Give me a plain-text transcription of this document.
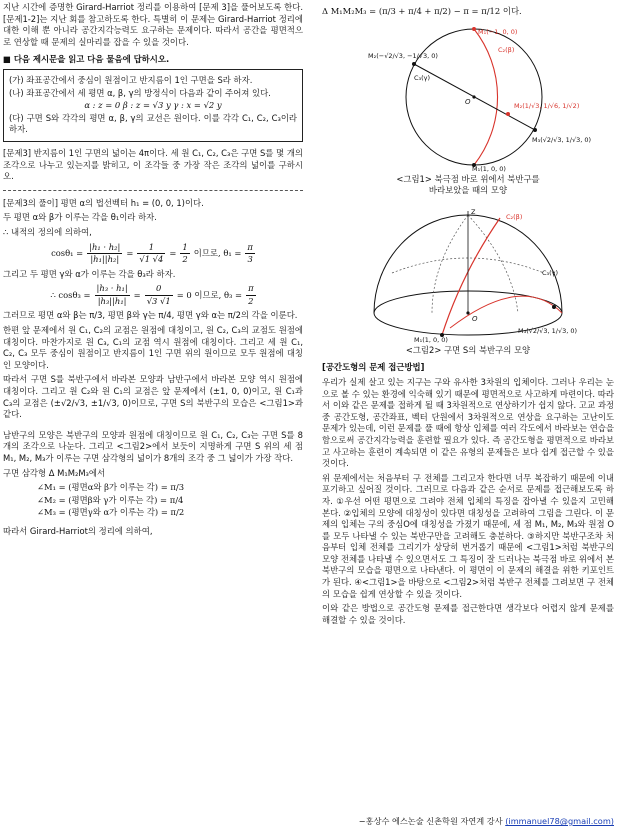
지난 시간에 증명한 Girard-Harriot 정리를 이용하여 [문제 3]을 풀어보도록 한다. [문제1-2]는 지난 회를 참고하도록 한다. 특별히 이 문제는 Girard-Harriot 정리에 대한 이해 뿐 아니라 공간지각능력도 요구하는 문제이다. 따라서 공간을 평면적으로 연상할 때 문제의 실마리를 잡을 수 있을 것이다.

■ 다음 제시문을 읽고 다음 물음에 답하시오.

(가) 좌표공간에서 중심이 원점이고 반지름이 1인 구면을 S라 하자.

(나) 좌표공간에서 세 평면 α, β, γ의 방정식이 다음과 같이 주어져 있다.

α : z = 0 β : z = √3 y γ : x = √2 y

(다) 구면 S와 각각의 평면 α, β, γ의 교선은 원이다. 이를 각각 C₁, C₂, C₃이라 하자.

[문제3] 반지름이 1인 구면의 넓이는 4π이다. 세 원 C₁, C₂, C₃은 구면 S를 몇 개의 조각으로 나누고 있는지를 밝히고, 이 조각들 중 가장 작은 조각의 넓이를 구하시오.

[문제3의 풀이] 평면 α의 법선벡터 h₁ = (0, 0, 1)이다.

두 평면 α와 β가 이루는 각을 θ₁이라 하자.

∴ 내적의 정의에 의하여,

$\cos\theta_1 = \frac{\text{|h₁ · h₂|}}{\text{|h₁||h₂|}} = \frac{1}{√1 √4} = \frac{1}{2}$ 이므로, $\theta_1 = \frac{\pi}{3}$

그리고 두 평면 γ와 α가 이루는 각을 θ₃라 하자.

∴ $\cos\theta_3 = \frac{\text{|h₃ · h₁|}}{\text{|h₃||h₁|}} = \frac{0}{√3 √1} = 0$ 이므로, $\theta_3 = \frac{\pi}{2}$

그러므로 평면 α와 β는 π/3, 평면 β와 γ는 π/4, 평면 γ와 α는 π/2의 각을 이룬다.

한편 앞 문제에서 원 C₁, C₂의 교점은 원점에 대칭이고, 원 C₂, C₃의 교점도 원점에 대칭이다. 마찬가지로 원 C₃, C₁의 교점 역시 원점에 대칭이다. 그리고 세 원 C₁, C₂, C₃ 모두 중심이 원점이고 반지름이 1인 구면 위의 원이므로 모두 원점에 대칭인 모양이다.

따라서 구면 S를 북반구에서 바라본 모양과 남반구에서 바라본 모양 역시 원점에 대칭이다. 그리고 원 C₂와 원 C₁의 교점은 앞 문제에서 (±1, 0, 0)이고, 원 C₁과 C₃의 교점은 (±√2/√3, ±1/√3, 0)이므로, 구면 S의 북반구의 모습은 <그림1>과 같다.

남반구의 모양은 북반구의 모양과 원점에 대칭이므로 원 C₁, C₂, C₃는 구면 S를 8개의 조각으로 나눈다. 그리고 <그림2>에서 보듯이 지명하게 구면 S 위의 세 점 M₁, M₂, M₃가 이루는 구면 삼각형의 넓이가 8개의 조각 중 그 넓이가 가장 작다.

구면 삼각형 Δ M₁M₂M₃에서

∠M₁ = (평면α와 β가 이루는 각) = π/3

∠M₂ = (평면β와 γ가 이루는 각) = π/4

∠M₃ = (평면γ와 α가 이루는 각) = π/2

따라서 Girard-Harriot의 정리에 의하여,

Δ M₁M₂M₃ = (π/3 + π/4 + π/2) − π = π/12 이다.

M₁(−1, 0, 0)
C₂(β)
C₃(γ)
M₂(−√2/√3, −1/√3, 0)
O	M₂(1/√3, 1/√6, 1/√2)
M₃(√2/√3, 1/√3, 0)
M₁(1, 0, 0)
<그림1> 북극점 바로 위에서 북반구를
바라보았을 때의 모양
Z
C₂(β)
C₃(γ)
O
M₁(1, 0, 0)
M₃(√2/√3, 1/√3, 0)
<그림2> 구면 S의 북반구의 모양

[공간도형의 문제 접근방법]

우리가 실제 살고 있는 지구는 구와 유사한 3차원의 입체이다. 그러나 우리는 눈으로 볼 수 있는 환경에 익숙해 있기 때문에 평면적으로 사고하게 마련이다. 따라서 이와 같은 문제를 접하게 될 때 3차원적으로 연상하기가 쉽지 않다. 고교 과정 중 공간도형, 공간좌표, 벡터 단원에서 3차원적으로 연상을 요구하는 고난이도 문제가 있는데, 이런 문제를 풀 때에 항상 입체를 여러 각도에서 바라보는 연습을 함으로써 공간지각능력을 훈련할 필요가 있다. 즉 공간도형을 평면적으로 바라보고 사고하는 훈련이 계속되면 이 같은 유형의 문제들은 보다 쉽게 접근할 수 있을 것이다.

위 문제에서는 처음부터 구 전체를 그리고자 한다면 너무 복잡하기 때문에 이내 포기하고 싶어질 것이다. 그러므로 다음과 같은 순서로 문제를 접근해보도록 하자. ①우선 어떤 평면으로 그려야 전체 입체의 특징을 잡아낼 수 있을지 고민해 본다. ②입체의 모양에 대칭성이 있다면 대칭성을 고려하여 그림을 그린다. 이 문제의 입체는 구의 중심O에 대칭성을 가졌기 때문에, 세 점 M₁, M₂, M₃와 원점 O를 모두 나타낼 수 있는 북반구만을 고려해도 충분하다. ③하지만 북반구조차 처음부터 입체 전체를 그리기가 상당히 번거롭기 때문에 <그림1>처럼 북반구의 모양 전체를 나타낼 수 있으면서도 그 특징이 잘 드러나는 북극점 바로 위에서 본 북반구의 모습을 평면으로 나타낸다. 이 평면이 이 문제의 해결을 위한 키포인트가 된다. ④<그림1>을 바탕으로 <그림2>처럼 북반구 전체를 그려보면 구 전체의 모습을 쉽게 연상할 수 있을 것이다.

이와 같은 방법으로 공간도형 문제를 접근한다면 생각보다 어렵지 않게 문제를 해결할 수 있을 것이다.

−홍상수 에스논술 신촌학원 자연계 강사 (immanuel78@gmail.com)
